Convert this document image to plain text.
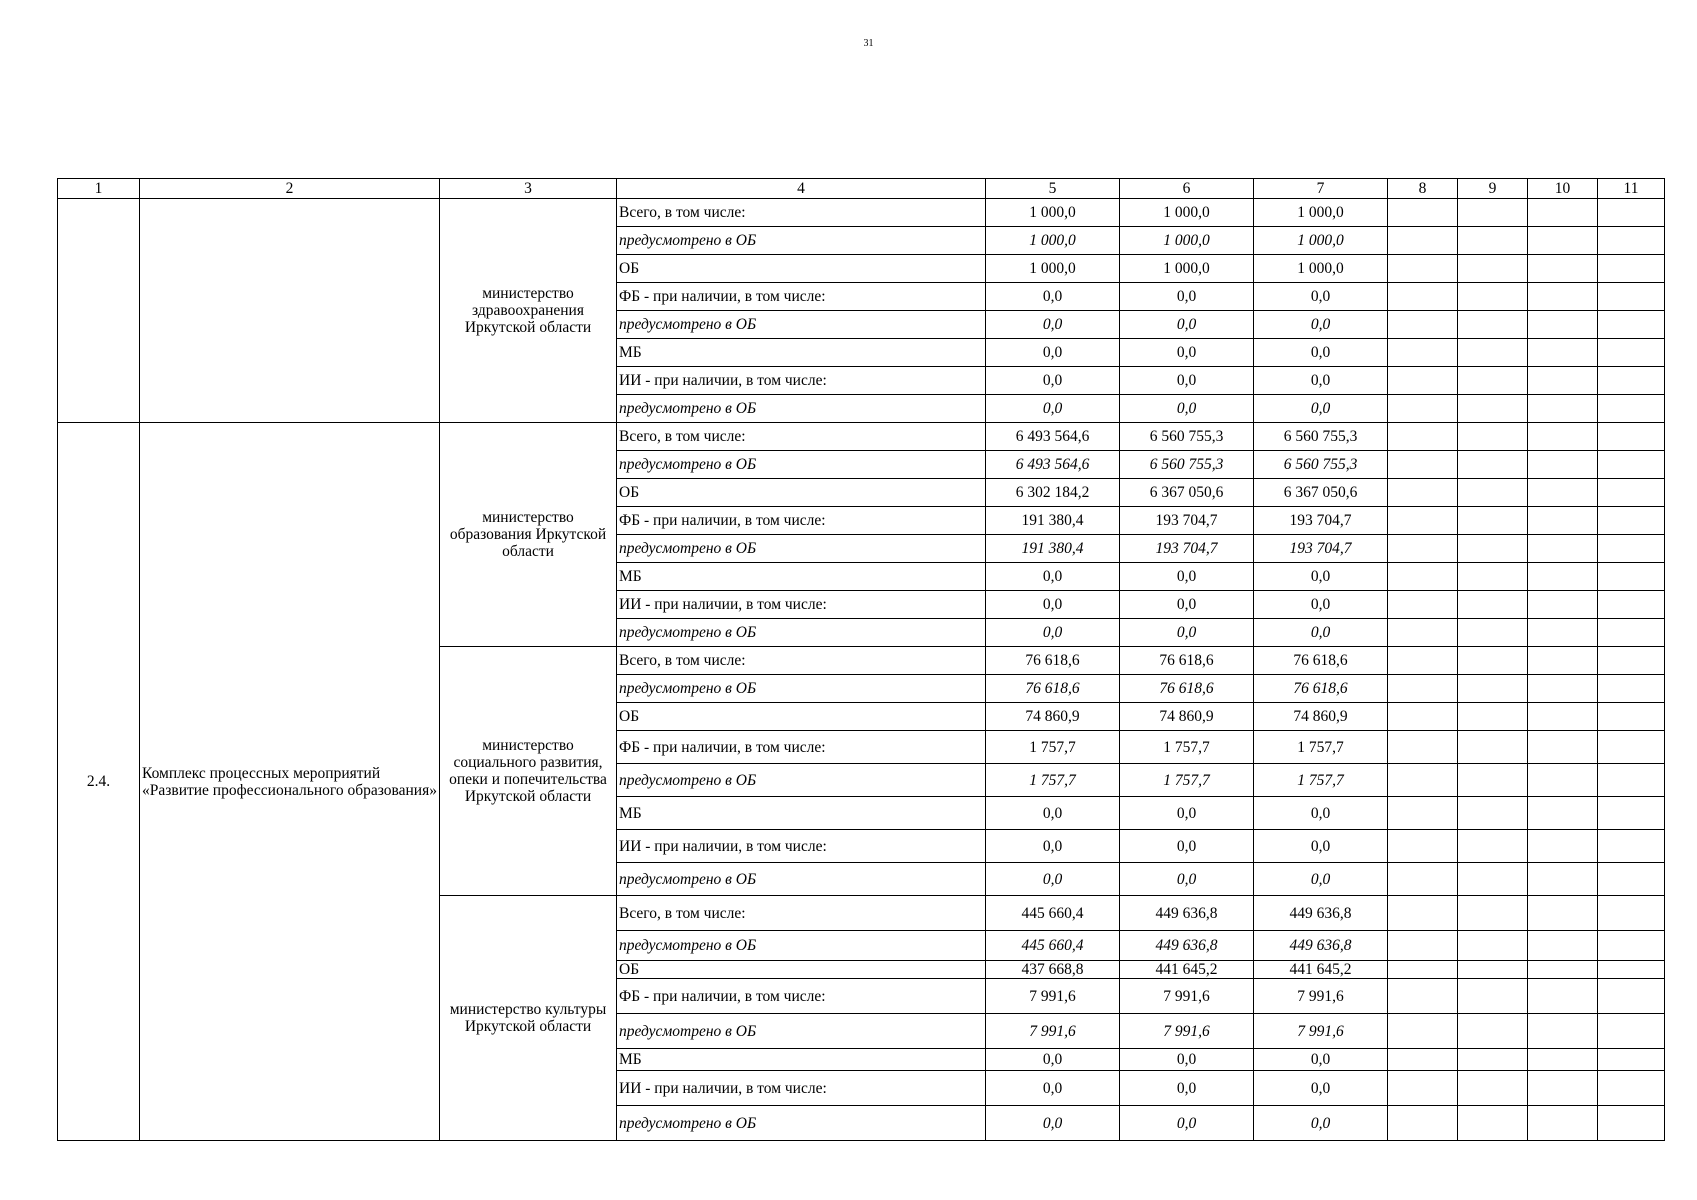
31
1	2	3	4	5	6	7	8	9	10	11
		министерство здравоохранения Иркутской области	Всего, в том числе:	1 000,0	1 000,0	1 000,0				
			предусмотрено в ОБ	1 000,0	1 000,0	1 000,0				
			ОБ	1 000,0	1 000,0	1 000,0				
			ФБ - при наличии, в том числе:	0,0	0,0	0,0				
			предусмотрено в ОБ	0,0	0,0	0,0				
			МБ	0,0	0,0	0,0				
			ИИ - при наличии, в том числе:	0,0	0,0	0,0				
			предусмотрено в ОБ	0,0	0,0	0,0				
2.4.	Комплекс процессных мероприятий «Развитие профессионального образования»	министерство образования Иркутской области	Всего, в том числе:	6 493 564,6	6 560 755,3	6 560 755,3				
			предусмотрено в ОБ	6 493 564,6	6 560 755,3	6 560 755,3				
			ОБ	6 302 184,2	6 367 050,6	6 367 050,6				
			ФБ - при наличии, в том числе:	191 380,4	193 704,7	193 704,7				
			предусмотрено в ОБ	191 380,4	193 704,7	193 704,7				
			МБ	0,0	0,0	0,0				
			ИИ - при наличии, в том числе:	0,0	0,0	0,0				
			предусмотрено в ОБ	0,0	0,0	0,0				
		министерство социального развития, опеки и попечительства Иркутской области	Всего, в том числе:	76 618,6	76 618,6	76 618,6				
			предусмотрено в ОБ	76 618,6	76 618,6	76 618,6				
			ОБ	74 860,9	74 860,9	74 860,9				
			ФБ - при наличии, в том числе:	1 757,7	1 757,7	1 757,7				
			предусмотрено в ОБ	1 757,7	1 757,7	1 757,7				
			МБ	0,0	0,0	0,0				
			ИИ - при наличии, в том числе:	0,0	0,0	0,0				
			предусмотрено в ОБ	0,0	0,0	0,0				
		министерство культуры Иркутской области	Всего, в том числе:	445 660,4	449 636,8	449 636,8				
			предусмотрено в ОБ	445 660,4	449 636,8	449 636,8				
			ОБ	437 668,8	441 645,2	441 645,2				
			ФБ - при наличии, в том числе:	7 991,6	7 991,6	7 991,6				
			предусмотрено в ОБ	7 991,6	7 991,6	7 991,6				
			МБ	0,0	0,0	0,0				
			ИИ - при наличии, в том числе:	0,0	0,0	0,0				
			предусмотрено в ОБ	0,0	0,0	0,0				
